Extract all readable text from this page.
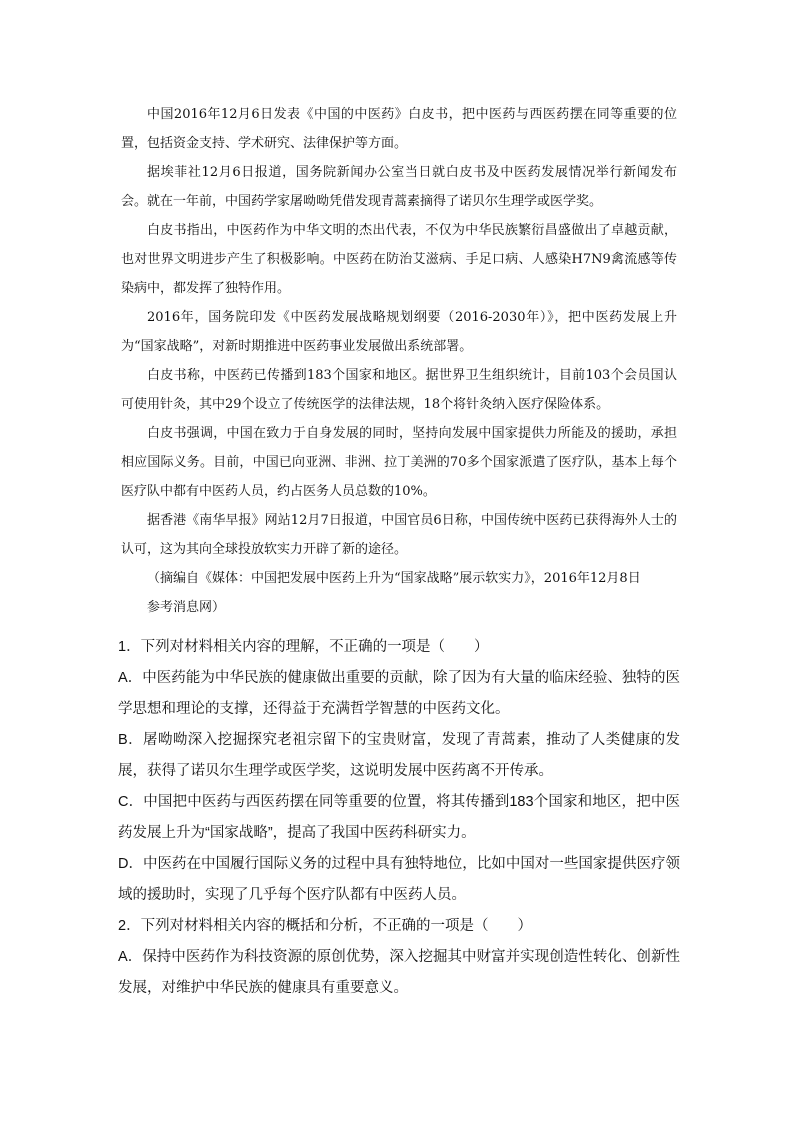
中国2016年12月6日发表《中国的中医药》白皮书，把中医药与西医药摆在同等重要的位置，包括资金支持、学术研究、法律保护等方面。

据埃菲社12月6日报道，国务院新闻办公室当日就白皮书及中医药发展情况举行新闻发布会。就在一年前，中国药学家屠呦呦凭借发现青蒿素摘得了诺贝尔生理学或医学奖。

白皮书指出，中医药作为中华文明的杰出代表，不仅为中华民族繁衍昌盛做出了卓越贡献，也对世界文明进步产生了积极影响。中医药在防治艾滋病、手足口病、人感染H7N9禽流感等传染病中，都发挥了独特作用。

2016年，国务院印发《中医药发展战略规划纲要（2016-2030年）》，把中医药发展上升为“国家战略”，对新时期推进中医药事业发展做出系统部署。

白皮书称，中医药已传播到183个国家和地区。据世界卫生组织统计，目前103个会员国认可使用针灸，其中29个设立了传统医学的法律法规，18个将针灸纳入医疗保险体系。

白皮书强调，中国在致力于自身发展的同时，坚持向发展中国家提供力所能及的援助，承担相应国际义务。目前，中国已向亚洲、非洲、拉丁美洲的70多个国家派遣了医疗队，基本上每个医疗队中都有中医药人员，约占医务人员总数的10%。

据香港《南华早报》网站12月7日报道，中国官员6日称，中国传统中医药已获得海外人士的认可，这为其向全球投放软实力开辟了新的途径。

（摘编自《媒体：中国把发展中医药上升为“国家战略”展示软实力》，2016年12月8日

参考消息网）

1．下列对材料相关内容的理解，不正确的一项是（　　）

A．中医药能为中华民族的健康做出重要的贡献，除了因为有大量的临床经验、独特的医学思想和理论的支撑，还得益于充满哲学智慧的中医药文化。

B．屠呦呦深入挖掘探究老祖宗留下的宝贵财富，发现了青蒿素，推动了人类健康的发展，获得了诺贝尔生理学或医学奖，这说明发展中医药离不开传承。

C．中国把中医药与西医药摆在同等重要的位置，将其传播到183个国家和地区，把中医药发展上升为“国家战略”，提高了我国中医药科研实力。

D．中医药在中国履行国际义务的过程中具有独特地位，比如中国对一些国家提供医疗领域的援助时，实现了几乎每个医疗队都有中医药人员。

2．下列对材料相关内容的概括和分析，不正确的一项是（　　）

A．保持中医药作为科技资源的原创优势，深入挖掘其中财富并实现创造性转化、创新性发展，对维护中华民族的健康具有重要意义。
